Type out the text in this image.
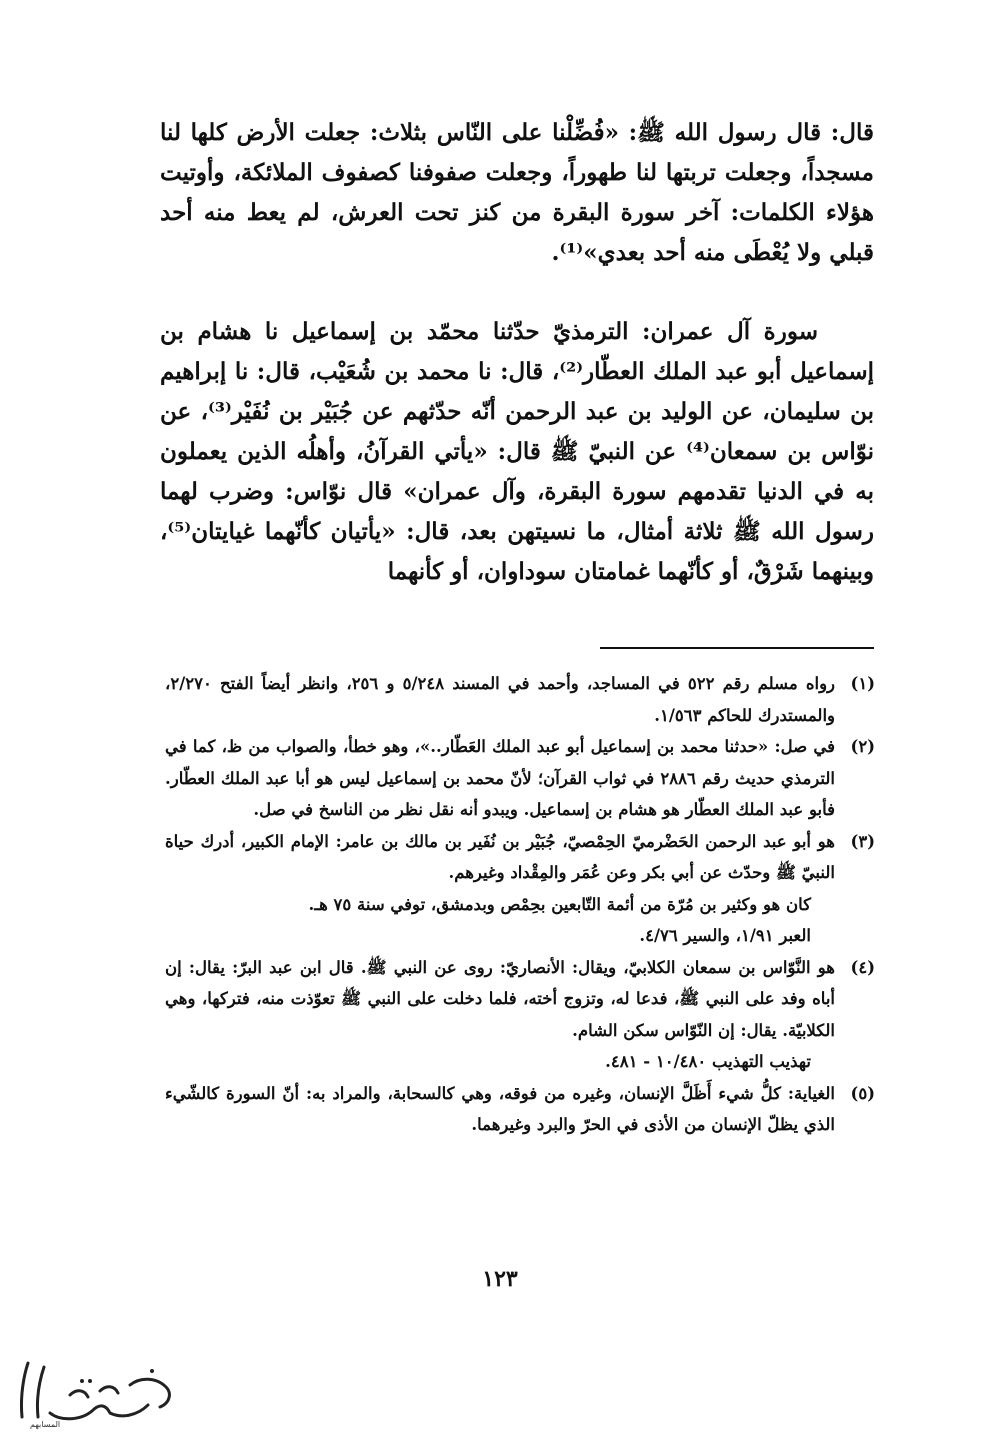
قال: قال رسول الله ﷺ: «فُضِّلْنا على النّاس بثلاث: جعلت الأرض كلها لنا مسجداً، وجعلت تربتها لنا طهوراً، وجعلت صفوفنا كصفوف الملائكة، وأوتيت هؤلاء الكلمات: آخر سورة البقرة من كنز تحت العرش، لم يعط منه أحد قبلي ولا يُعْطَى منه أحد بعدي»⁽¹⁾.

سورة آل عمران: الترمذيّ حدّثنا محمّد بن إسماعيل نا هشام بن إسماعيل أبو عبد الملك العطّار⁽²⁾، قال: نا محمد بن شُعَيْب، قال: نا إبراهيم بن سليمان، عن الوليد بن عبد الرحمن أنّه حدّثهم عن جُبَيْر بن نُفَيْر⁽³⁾، عن نوّاس بن سمعان⁽⁴⁾ عن النبيّ ﷺ قال: «يأتي القرآنُ، وأهلُه الذين يعملون به في الدنيا تقدمهم سورة البقرة، وآل عمران» قال نوّاس: وضرب لهما رسول الله ﷺ ثلاثة أمثال، ما نسيتهن بعد، قال: «يأتيان كأنّهما غيايتان⁽⁵⁾، وبينهما شَرْقٌ، أو كأنّهما غمامتان سوداوان، أو كأنهما

(١)
رواه مسلم رقم ٥٢٢ في المساجد، وأحمد في المسند ٥/٢٤٨ و ٢٥٦، وانظر أيضاً الفتح ٢/٢٧٠، والمستدرك للحاكم ١/٥٦٣.
(٢)
في صل: «حدثنا محمد بن إسماعيل أبو عبد الملك العَطّار..»، وهو خطأ، والصواب من ظ، كما في الترمذي حديث رقم ٢٨٨٦ في ثواب القرآن؛ لأنّ محمد بن إسماعيل ليس هو أبا عبد الملك العطّار. فأبو عبد الملك العطّار هو هشام بن إسماعيل. ويبدو أنه نقل نظر من الناسخ في صل.
(٣)
هو أبو عبد الرحمن الحَضْرميّ الحِمْصيّ، جُبَيْر بن نُفَير بن مالك بن عامر: الإمام الكبير، أدرك حياة النبيّ ﷺ وحدّث عن أبي بكر وعن عُمَر والمِقْداد وغيرهم.

كان هو وكثير بن مُرّة من أئمة التّابعين بحِمْص وبدمشق، توفي سنة ٧٥ هـ.

العبر ١/٩١، والسير ٤/٧٦.

(٤)
هو النَّوّاس بن سمعان الكلابيّ، ويقال: الأنصاريّ: روى عن النبي ﷺ. قال ابن عبد البرّ: يقال: إن أباه وفد على النبي ﷺ، فدعا له، وتزوج أخته، فلما دخلت على النبي ﷺ تعوّذت منه، فتركها، وهي الكلابيّة. يقال: إن النّوّاس سكن الشام.

تهذيب التهذيب ١٠/٤٨٠ - ٤٨١.

(٥)
الغياية: كلُّ شيء أَظَلَّ الإنسان، وغيره من فوقه، وهي كالسحابة، والمراد به: أنّ السورة كالشّيء الذي يظلّ الإنسان من الأذى في الحرّ والبرد وغيرهما.
١٢٣
المسابهم
